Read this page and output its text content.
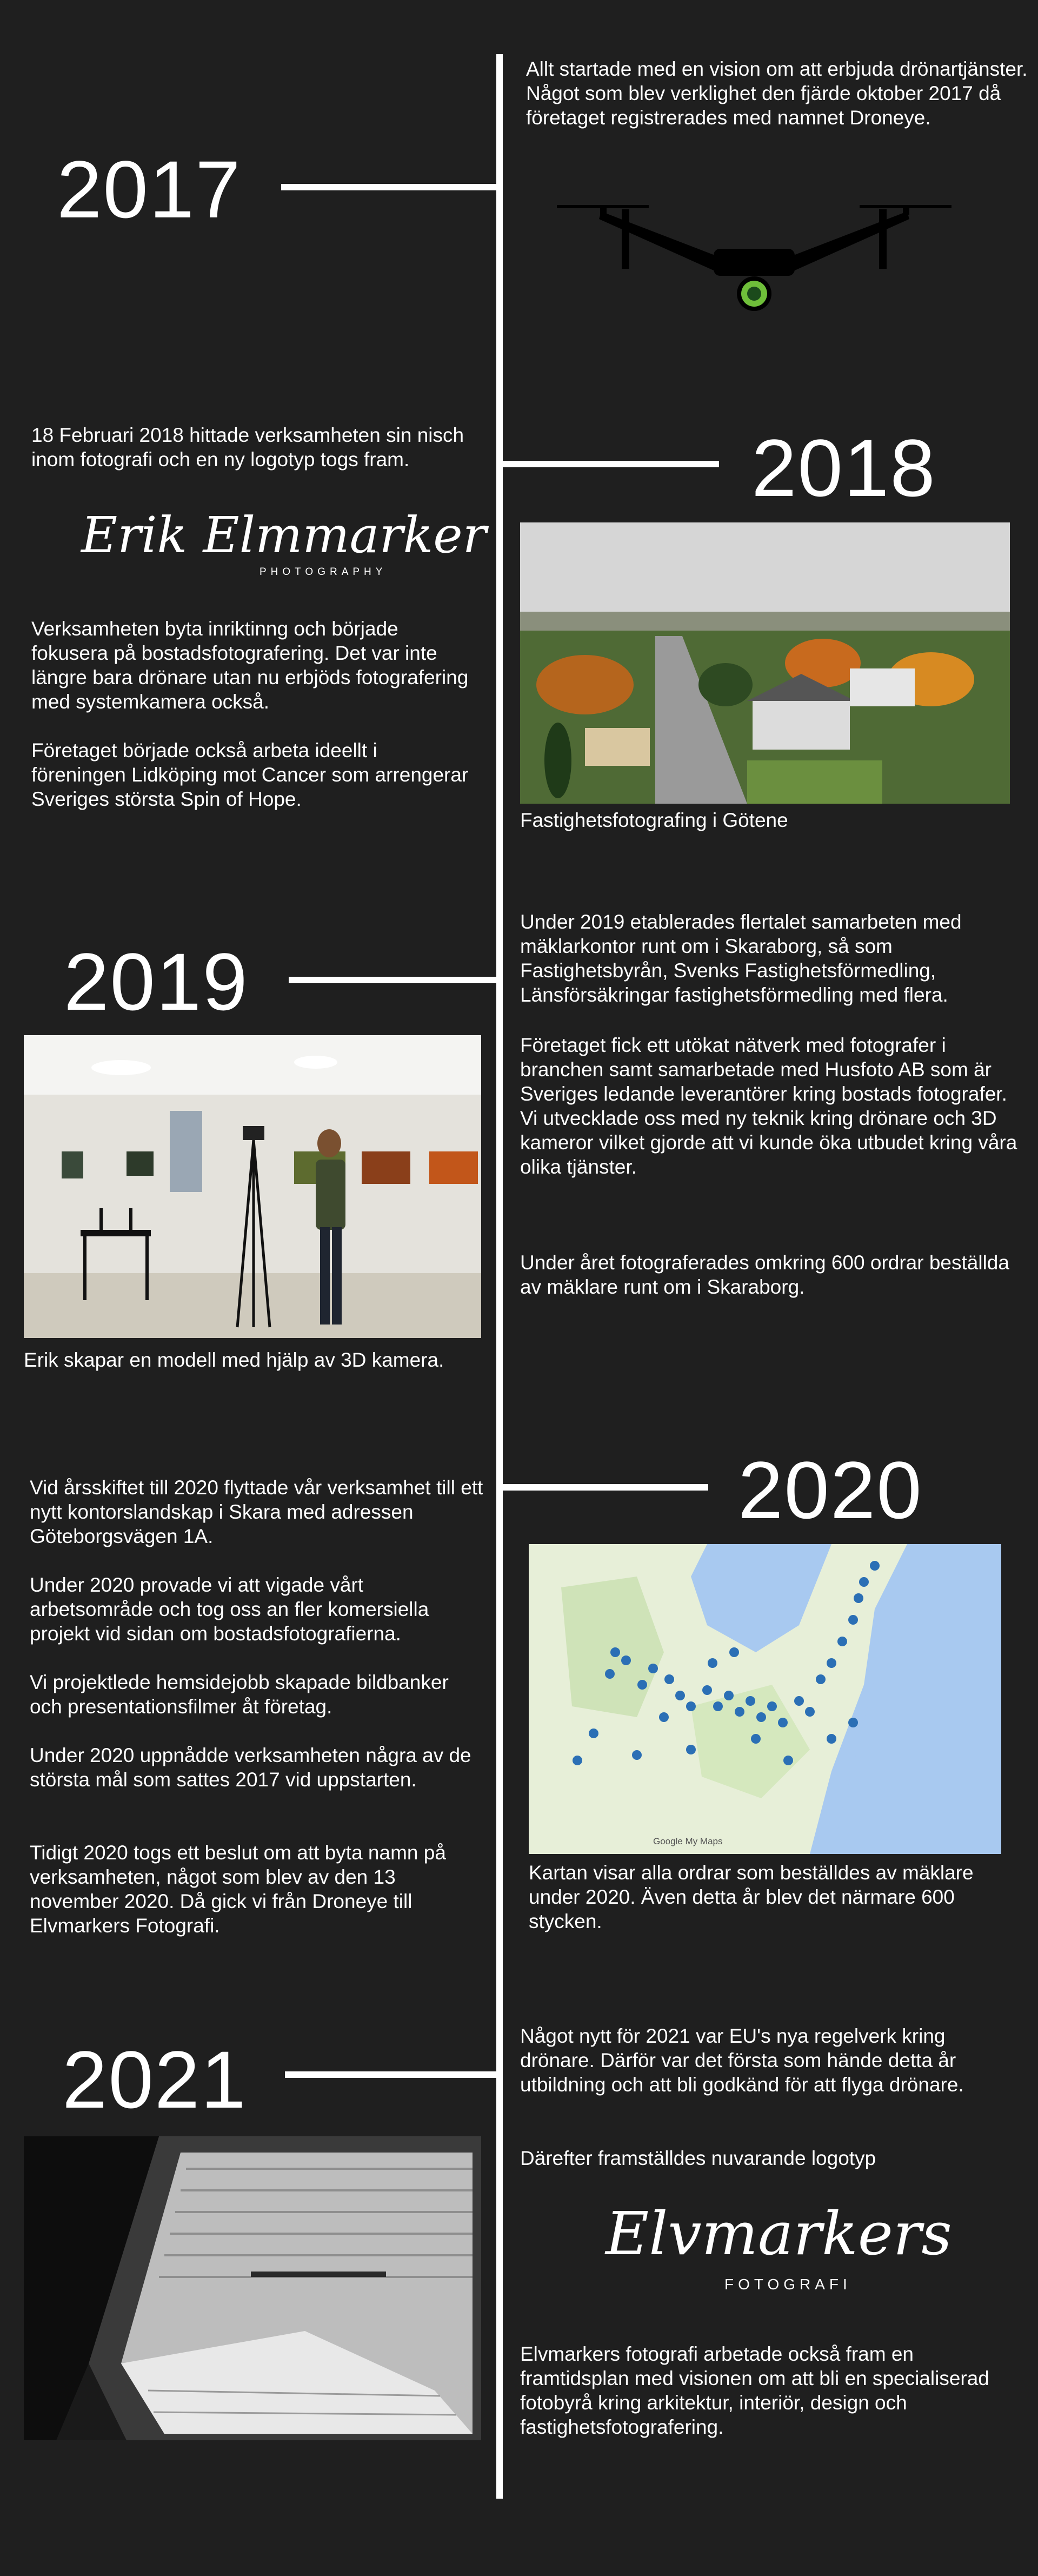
2017
Allt startade med en vision om att erbjuda drönartjänster. Något som blev verklighet den fjärde oktober 2017 då företaget registrerades med namnet Droneye.
18 Februari 2018 hittade verksamheten sin nisch inom fotografi och en ny logotyp togs fram.
Erik Elmmarker
PHOTOGRAPHY
Verksamheten byta inriktinng och började fokusera på bostadsfotografering. Det var inte längre bara drönare utan nu erbjöds fotografering med systemkamera också.
Företaget började också arbeta ideellt i föreningen Lidköping mot Cancer som arrengerar Sveriges största Spin of Hope.
2018
Fastighetsfotografing i Götene
Under 2019 etablerades flertalet samarbeten med mäklarkontor runt om i Skaraborg, så som Fastighetsbyrån, Svenks Fastighetsförmedling, Länsförsäkringar fastighetsförmedling med flera.
Företaget fick ett utökat nätverk med fotografer i branchen samt samarbetade med Husfoto AB som är Sveriges ledande leverantörer kring bostads fotografer.
Vi utvecklade oss med ny teknik kring drönare och 3D kameror vilket gjorde att vi kunde öka utbudet kring våra olika tjänster.
Under året fotograferades omkring 600 ordrar beställda av mäklare runt om i Skaraborg.
2019
Erik skapar en modell med hjälp av 3D kamera.
Vid årsskiftet till 2020 flyttade vår verksamhet till ett nytt kontorslandskap i Skara med adressen Göteborgsvägen 1A.
Under 2020 provade vi att vigade vårt arbetsområde och tog oss an fler komersiella projekt vid sidan om bostadsfotografierna.
Vi projektlede hemsidejobb skapade bildbanker och presentationsfilmer åt företag.
Under 2020 uppnådde verksamheten några av de största mål som sattes 2017 vid uppstarten.
Tidigt 2020 togs ett beslut om att byta namn på verksamheten, något som blev av den 13 november 2020. Då gick vi från Droneye till Elvmarkers Fotografi.
2020
Google My Maps
Kartan visar alla ordrar som beställdes av mäklare under 2020. Även detta år blev det närmare 600 stycken.
2021	Något nytt för 2021 var EU's nya regelverk kring drönare. Därför var det första som hände detta år utbildning och att bli godkänd för att flyga drönare.
Därefter framställdes nuvarande logotyp
Elvmarkers
FOTOGRAFI
Elvmarkers fotografi arbetade också fram en framtidsplan med visionen om att bli en specialiserad fotobyrå kring arkitektur, interiör, design och fastighetsfotografering.
